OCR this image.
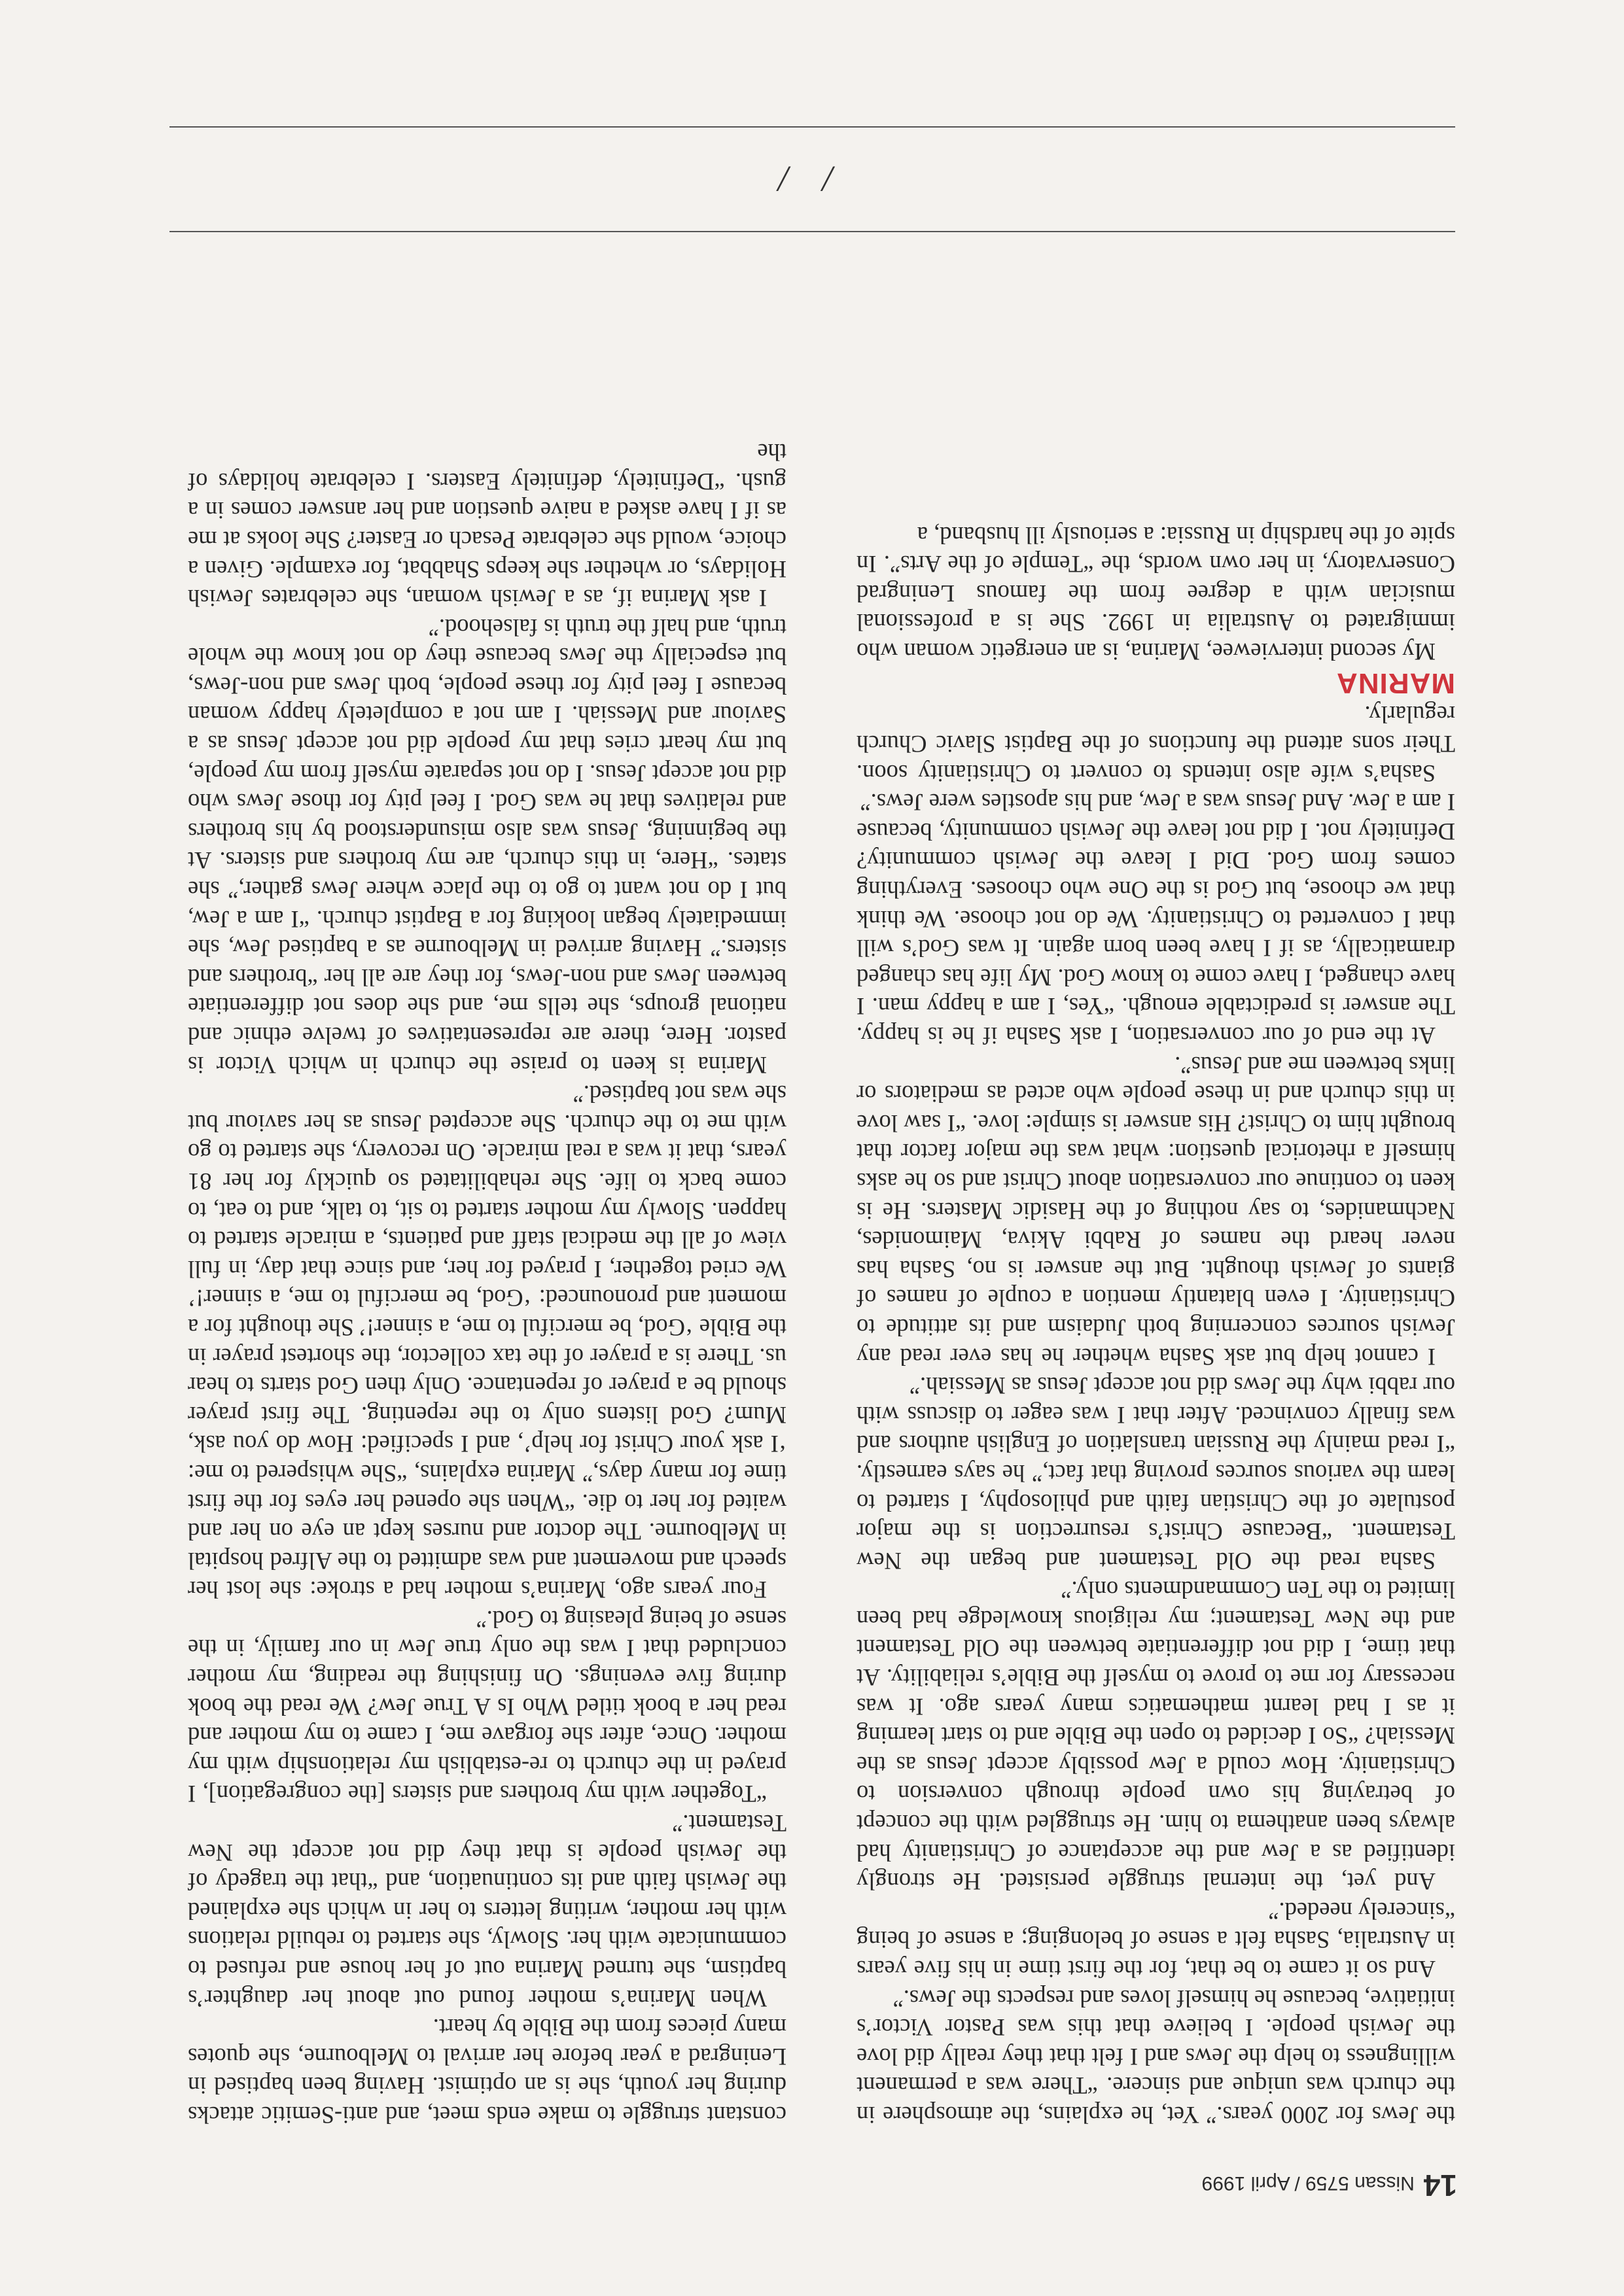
14Nissan 5759 / April 1999

the Jews for 2000 years.” Yet, he explains, the atmosphere in the church was unique and sincere. “There was a permanent willingness to help the Jews and I felt that they really did love the Jewish people. I believe that this was Pastor Victor’s initiative, because he himself loves and respects the Jews.”

And so it came to be that, for the first time in his five years in Australia, Sasha felt a sense of belonging; a sense of being “sincerely needed.”

And yet, the internal struggle persisted. He strongly identified as a Jew and the acceptance of Christianity had always been anathema to him. He struggled with the concept of betraying his own people through conversion to Christianity. How could a Jew possibly accept Jesus as the Messiah? “So I decided to open the Bible and to start learning it as I had learnt mathematics many years ago. It was necessary for me to prove to myself the Bible’s reliability. At that time, I did not differentiate between the Old Testament and the New Testament; my religious knowledge had been limited to the Ten Commandments only.”

Sasha read the Old Testament and began the New Testament. “Because Christ’s resurrection is the major postulate of the Christian faith and philosophy, I started to learn the various sources proving that fact,” he says earnestly. “I read mainly the Russian translation of English authors and was finally convinced. After that I was eager to discuss with our rabbi why the Jews did not accept Jesus as Messiah.”

I cannot help but ask Sasha whether he has ever read any Jewish sources concerning both Judaism and its attitude to Christianity. I even blatantly mention a couple of names of giants of Jewish thought. But the answer is no, Sasha has never heard the names of Rabbi Akiva, Maimonides, Nachmanides, to say nothing of the Hasidic Masters. He is keen to continue our conversation about Christ and so he asks himself a rhetorical question: what was the major factor that brought him to Christ? His answer is simple: love. “I saw love in this church and in these people who acted as mediators or links between me and Jesus”.

At the end of our conversation, I ask Sasha if he is happy. The answer is predictable enough. “Yes, I am a happy man. I have changed, I have come to know God. My life has changed dramatically, as if I have been born again. It was God’s will that I converted to Christianity. We do not choose. We think that we choose, but God is the One who chooses. Everything comes from God. Did I leave the Jewish community? Definitely not. I did not leave the Jewish community, because I am a Jew. And Jesus was a Jew, and his apostles were Jews.”

Sasha’s wife also intends to convert to Christianity soon. Their sons attend the functions of the Baptist Slavic Church regularly.

MARINA

My second interviewee, Marina, is an energetic woman who immigrated to Australia in 1992. She is a professional musician with a degree from the famous Leningrad Conservatory, in her own words, the “Temple of the Arts”. In spite of the hardship in Russia: a seriously ill husband, a

constant struggle to make ends meet, and anti-Semitic attacks during her youth, she is an optimist. Having been baptised in Leningrad a year before her arrival to Melbourne, she quotes many pieces from the Bible by heart.

When Marina’s mother found out about her daughter’s baptism, she turned Marina out of her house and refused to communicate with her. Slowly, she started to rebuild relations with her mother, writing letters to her in which she explained the Jewish faith and its continuation, and “that the tragedy of the Jewish people is that they did not accept the New Testament.”

“Together with my brothers and sisters [the congregation], I prayed in the church to re-establish my relationship with my mother. Once, after she forgave me, I came to my mother and read her a book titled Who Is A True Jew? We read the book during five evenings. On finishing the reading, my mother concluded that I was the only true Jew in our family, in the sense of being pleasing to God.”

Four years ago, Marina’s mother had a stroke: she lost her speech and movement and was admitted to the Alfred hospital in Melbourne. The doctor and nurses kept an eye on her and waited for her to die. “When she opened her eyes for the first time for many days,” Marina explains, “She whispered to me: ‘I ask your Christ for help’, and I specified: How do you ask, Mum? God listens only to the repenting. The first prayer should be a prayer of repentance. Only then God starts to hear us. There is a prayer of the tax collector, the shortest prayer in the Bible ‘God, be merciful to me, a sinner!’ She thought for a moment and pronounced: ‘God, be merciful to me, a sinner!’ We cried together, I prayed for her, and since that day, in full view of all the medical staff and patients, a miracle started to happen. Slowly my mother started to sit, to talk, and to eat, to come back to life. She rehabilitated so quickly for her 81 years, that it was a real miracle. On recovery, she started to go with me to the church. She accepted Jesus as her saviour but she was not baptised.”

Marina is keen to praise the church in which Victor is pastor. Here, there are representatives of twelve ethnic and national groups, she tells me, and she does not differentiate between Jews and non-Jews, for they are all her “brothers and sisters.” Having arrived in Melbourne as a baptised Jew, she immediately began looking for a Baptist church. “I am a Jew, but I do not want to go to the place where Jews gather,” she states. “Here, in this church, are my brothers and sisters. At the beginning, Jesus was also misunderstood by his brothers and relatives that he was God. I feel pity for those Jews who did not accept Jesus. I do not separate myself from my people, but my heart cries that my people did not accept Jesus as a Saviour and Messiah. I am not a completely happy woman because I feel pity for these people, both Jews and non-Jews, but especially the Jews because they do not know the whole truth, and half the truth is falsehood.”

I ask Marina if, as a Jewish woman, she celebrates Jewish Holidays, or whether she keeps Shabbat, for example. Given a choice, would she celebrate Pesach or Easter? She looks at me as if I have asked a naive question and her answer comes in a gush. “Definitely, definitely Easters. I celebrate holidays of the

//
